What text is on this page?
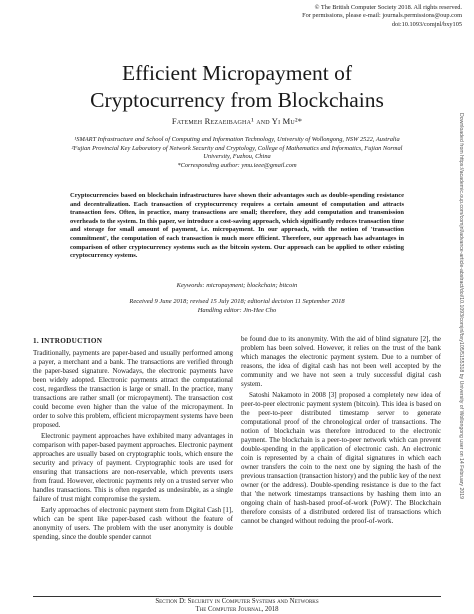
© The British Computer Society 2018. All rights reserved.
For permissions, please e-mail: journals.permissions@oup.com
doi:10.1093/comjnl/bxy105
Efficient Micropayment of
Cryptocurrency from Blockchains
Fatemeh Rezaeibagha¹ and Yi Mu²*
¹SMART Infrastructure and School of Computing and Information Technology, University of Wollongong, NSW 2522, Australia
²Fujian Provincial Key Laboratory of Network Security and Cryptology, College of Mathematics and Informatics, Fujian Normal University, Fuzhou, China
*Corresponding author: ymu.ieee@gmail.com
Cryptocurrencies based on blockchain infrastructures have shown their advantages such as double-spending resistance and decentralization. Each transaction of cryptocurrency requires a certain amount of computation and attracts transaction fees. Often, in practice, many transactions are small; therefore, they add computation and transmission overheads to the system. In this paper, we introduce a cost-saving approach, which significantly reduces transaction time and storage for small amount of payment, i.e. micropayment. In our approach, with the notion of 'transaction commitment', the computation of each transaction is much more efficient. Therefore, our approach has advantages in comparison of other cryptocurrency systems such as the bitcoin system. Our approach can be applied to other existing cryptocurrency systems.
Keywords: micropayment; blockchain; bitcoin
Received 9 June 2018; revised 15 July 2018; editorial decision 11 September 2018
Handling editor: Jin-Hee Cho
1. INTRODUCTION

Traditionally, payments are paper-based and usually performed among a payer, a merchant and a bank. The transactions are verified through the paper-based signature. Nowadays, the electronic payments have been widely adopted. Electronic payments attract the computational cost, regardless the transaction is large or small. In the practice, many transactions are rather small (or micropayment). The transaction cost could become even higher than the value of the micropayment. In order to solve this problem, efficient micropayment systems have been proposed.

Electronic payment approaches have exhibited many advantages in comparison with paper-based payment approaches. Electronic payment approaches are usually based on cryptographic tools, which ensure the security and privacy of payment. Cryptographic tools are used for ensuring that transactions are non-reservable, which prevents users from fraud. However, electronic payments rely on a trusted server who handles transactions. This is often regarded as undesirable, as a single failure of trust might compromise the system.

Early approaches of electronic payment stem from Digital Cash [1], which can be spent like paper-based cash without the feature of anonymity of users. The problem with the user anonymity is double spending, since the double spender cannot

be found due to its anonymity. With the aid of blind signature [2], the problem has been solved. However, it relies on the trust of the bank which manages the electronic payment system. Due to a number of reasons, the idea of digital cash has not been well accepted by the community and we have not seen a truly successful digital cash system.

Satoshi Nakamoto in 2008 [3] proposed a completely new idea of peer-to-peer electronic payment system (bitcoin). This idea is based on the peer-to-peer distributed timestamp server to generate computational proof of the chronological order of transactions. The notion of blockchain was therefore introduced to the electronic payment. The blockchain is a peer-to-peer network which can prevent double-spending in the application of electronic cash. An electronic coin is represented by a chain of digital signatures in which each owner transfers the coin to the next one by signing the hash of the previous transaction (transaction history) and the public key of the next owner (or the address). Double-spending resistance is due to the fact that 'the network timestamps transactions by hashing them into an ongoing chain of hash-based proof-of-work (PoW)'. The Blockchain therefore consists of a distributed ordered list of transactions which cannot be changed without redoing the proof-of-work.

Section D: Security in Computer Systems and Networks
The Computer Journal, 2018
Downloaded from https://academic.oup.com/comjnl/advance-article-abstract/doi/10.1093/comjnl/bxy105/5155318 by University of Wollongong user on 14 February 2019
